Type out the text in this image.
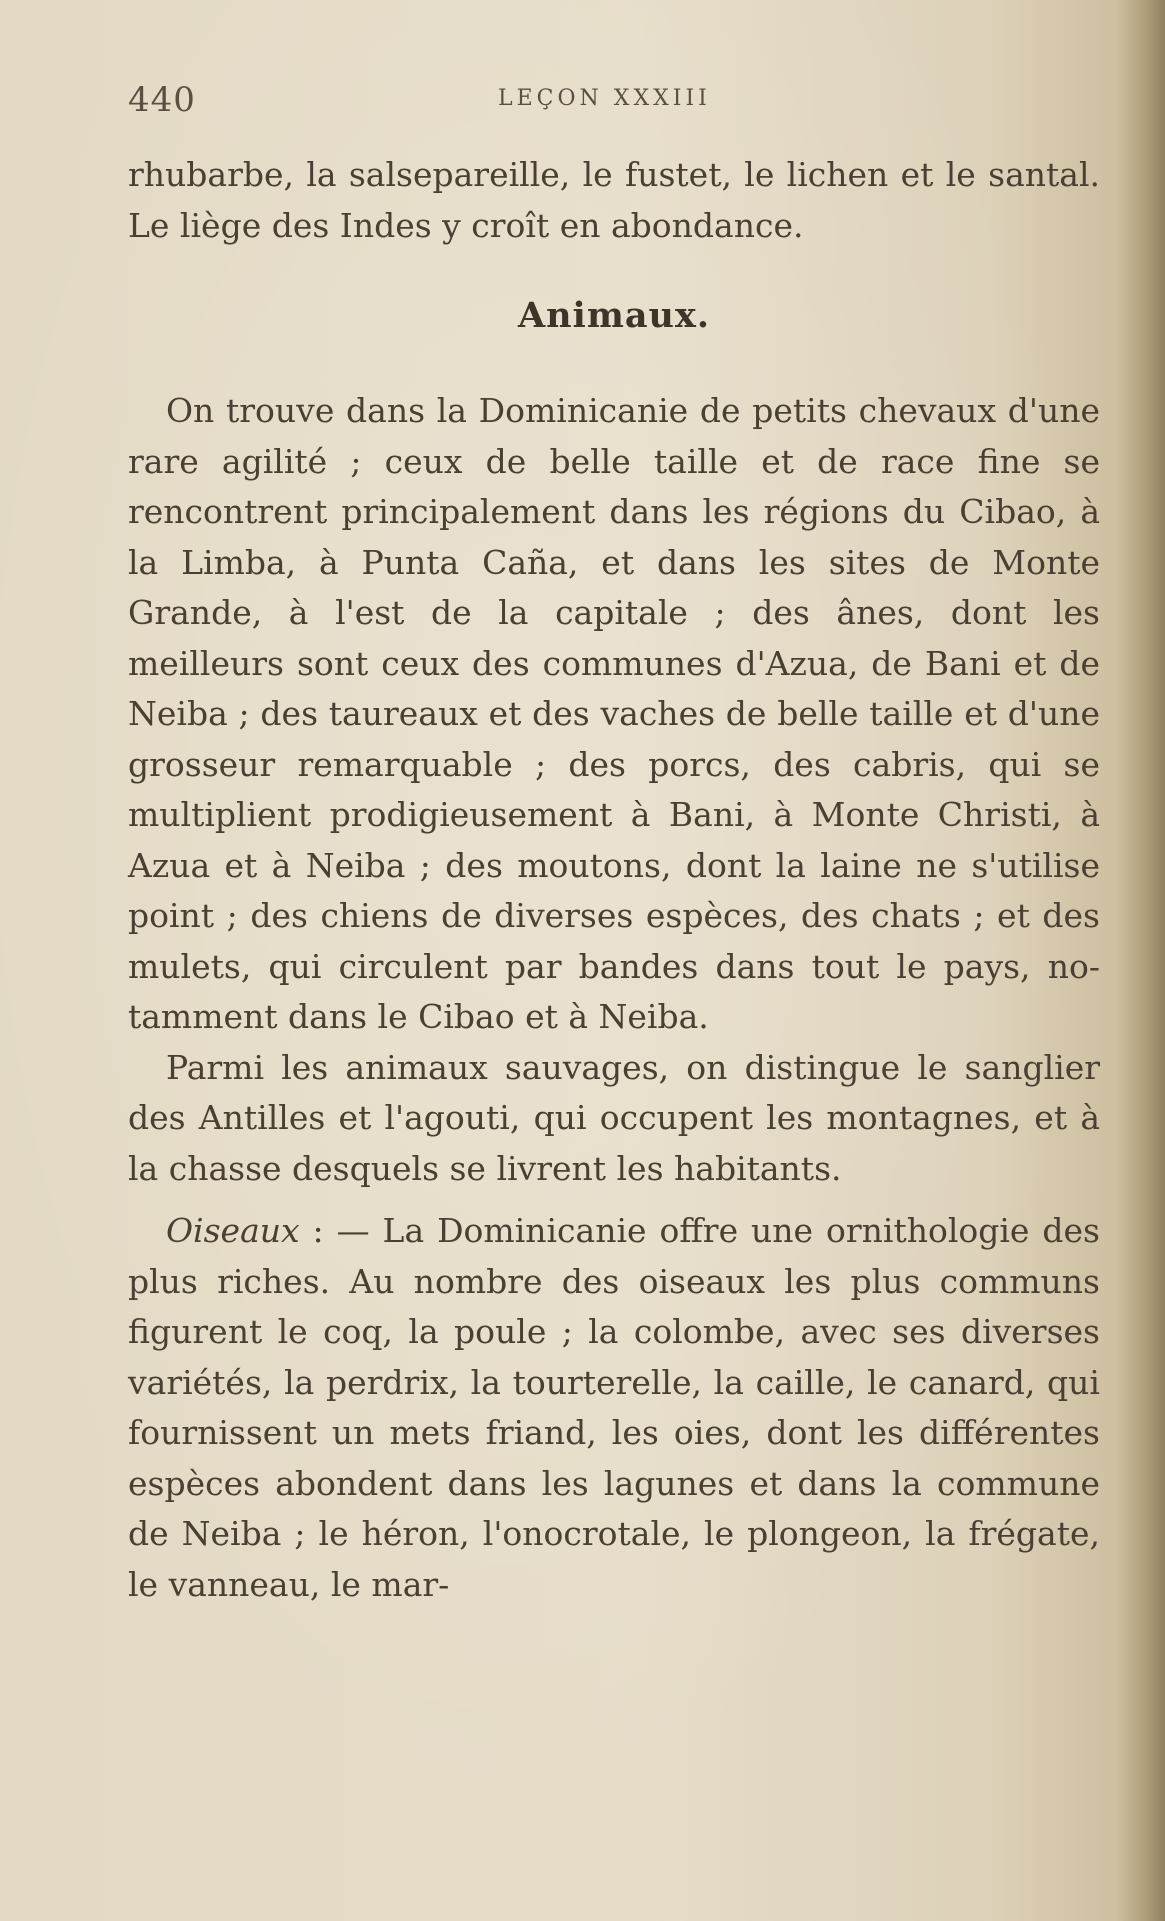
440	LEÇON XXXIII

rhubarbe, la salsepareille, le fustet, le lichen et le santal. Le liège des Indes y croît en abondance.

Animaux.

On trouve dans la Dominicanie de petits chevaux d'une rare agilité ; ceux de belle taille et de race fine se rencontrent principalement dans les régions du Cibao, à la Limba, à Punta Caña, et dans les sites de Monte Grande, à l'est de la capitale ; des ânes, dont les meilleurs sont ceux des communes d'Azua, de Bani et de Neiba ; des taureaux et des vaches de belle taille et d'une grosseur remarquable ; des porcs, des cabris, qui se multiplient prodigieusement à Bani, à Monte Christi, à Azua et à Neiba ; des moutons, dont la laine ne s'utilise point ; des chiens de diverses espèces, des chats ; et des mulets, qui circulent par bandes dans tout le pays, notamment dans le Cibao et à Neiba.

Parmi les animaux sauvages, on distingue le sanglier des Antilles et l'agouti, qui occupent les montagnes, et à la chasse desquels se livrent les habitants.

Oiseaux : — La Dominicanie offre une ornithologie des plus riches. Au nombre des oiseaux les plus communs figurent le coq, la poule ; la colombe, avec ses diverses variétés, la perdrix, la tourterelle, la caille, le canard, qui fournissent un mets friand, les oies, dont les différentes espèces abondent dans les lagunes et dans la commune de Neiba ; le héron, l'onocrotale, le plongeon, la frégate, le vanneau, le mar-
